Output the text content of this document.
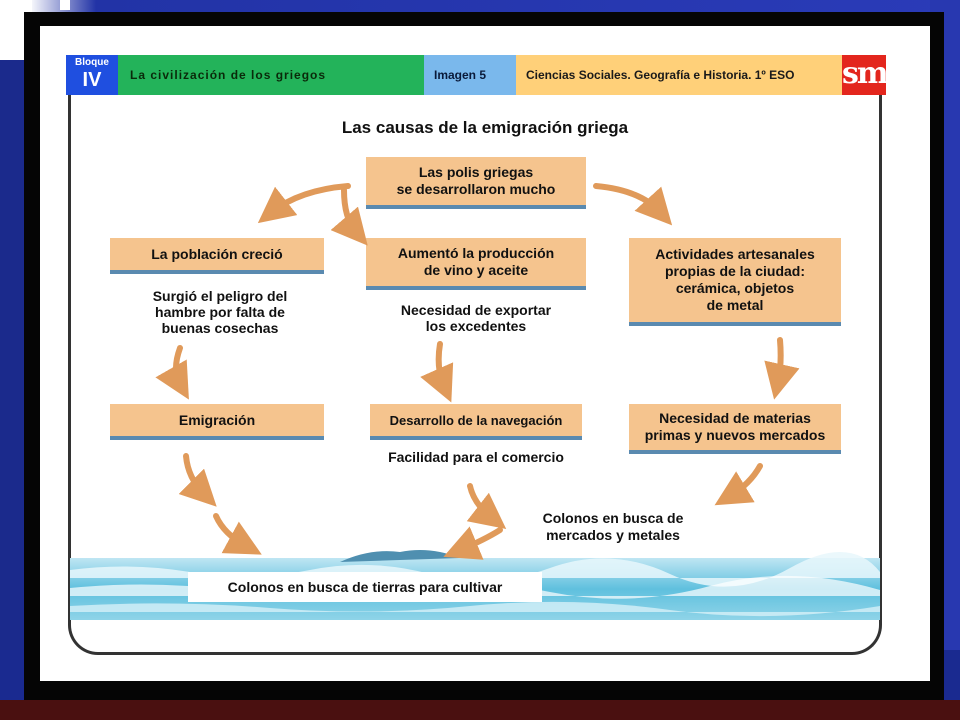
Bloque
IV	La civilización de los griegos	Imagen 5	Ciencias Sociales. Geografía e Historia. 1º ESO	sm
Las causas de la emigración griega
Las polis griegas
se desarrollaron mucho
La población creció	Aumentó la producción
de vino y aceite
Actividades artesanales
propias de la ciudad:
cerámica, objetos
de metal
Surgió el peligro del
hambre por falta de
buenas cosechas
Necesidad de exportar
los excedentes
Emigración	Desarrollo de la navegación
Facilidad para el comercio
Necesidad de materias
primas y nuevos mercados
Colonos en busca de
mercados y metales
Colonos en busca de tierras para cultivar
